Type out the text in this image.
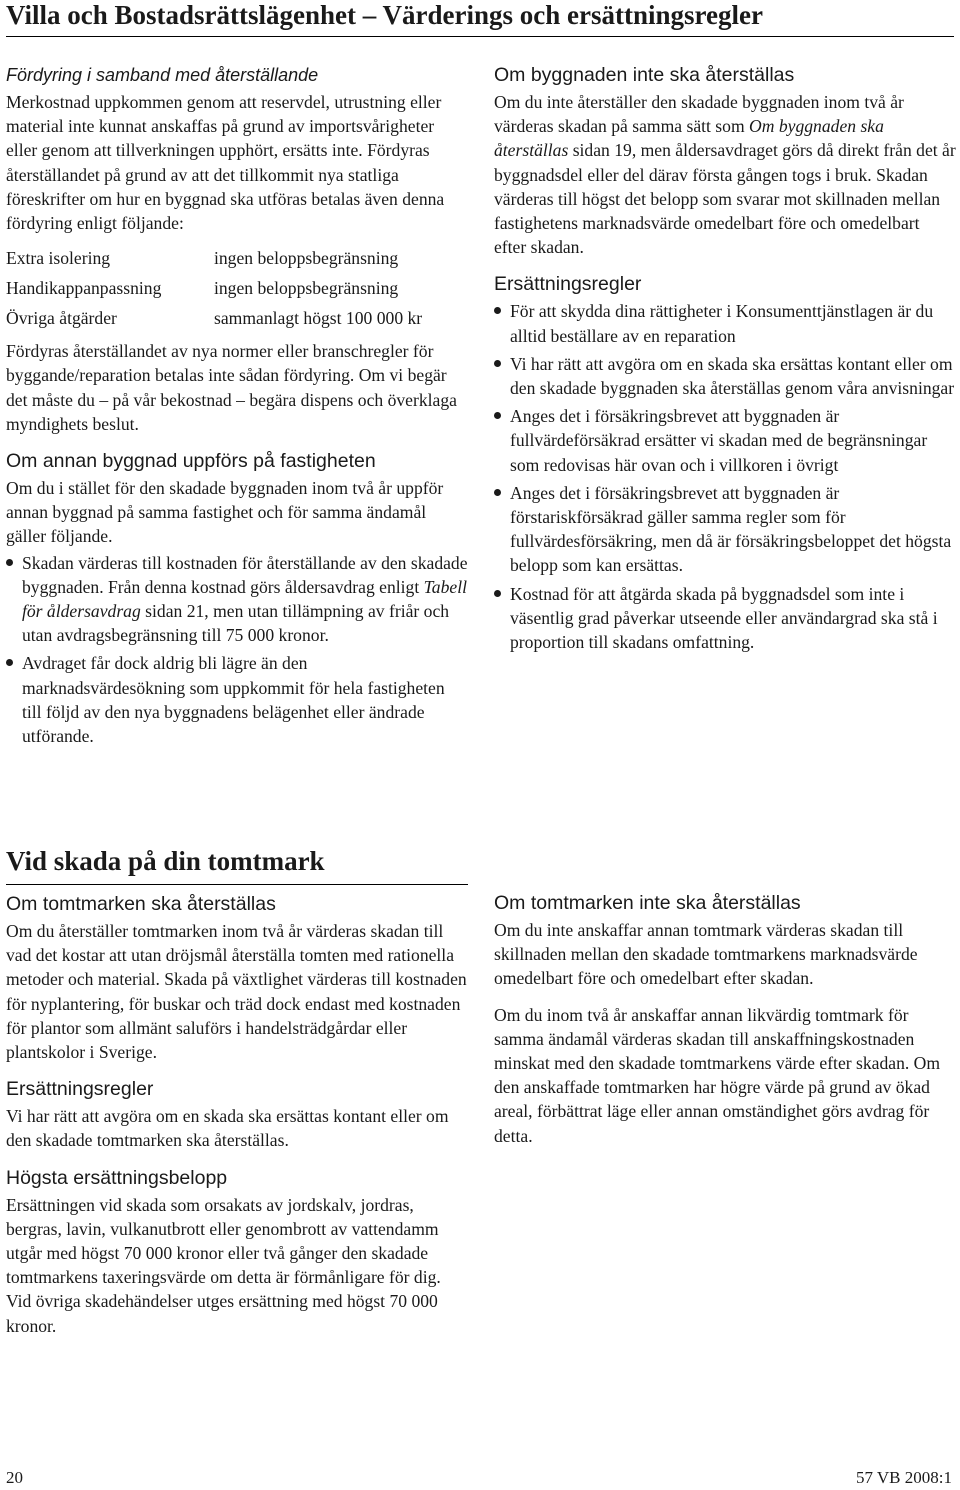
Villa och Bostadsrättslägenhet – Värderings och ersättningsregler
Fördyring i samband med återställande

Merkostnad uppkommen genom att reservdel, utrustning eller material inte kunnat anskaffas på grund av importsvårigheter eller genom att tillverkningen upphört, ersätts inte. Fördyras återställandet på grund av att det tillkommit nya statliga föreskrifter om hur en byggnad ska utföras betalas även denna fördyring enligt följande:

Extra isolering	ingen beloppsbegränsning
Handikappanpassning	ingen beloppsbegränsning
Övriga åtgärder	sammanlagt högst 100 000 kr

Fördyras återställandet av nya normer eller branschregler för byggande/reparation betalas inte sådan fördyring. Om vi begär det måste du – på vår bekostnad – begära dispens och överklaga myndighets beslut.

Om annan byggnad uppförs på fastigheten

Om du i stället för den skadade byggnaden inom två år uppför annan byggnad på samma fastighet och för samma ändamål gäller följande.

Skadan värderas till kostnaden för återställande av den skadade byggnaden. Från denna kostnad görs åldersavdrag enligt Tabell för åldersavdrag sidan 21, men utan tillämpning av friår och utan avdragsbegränsning till 75 000 kronor.
Avdraget får dock aldrig bli lägre än den marknadsvärdesökning som uppkommit för hela fastigheten till följd av den nya byggnadens belägenhet eller ändrade utförande.
Om byggnaden inte ska återställas

Om du inte återställer den skadade byggnaden inom två år värderas skadan på samma sätt som Om byggnaden ska återställas sidan 19, men åldersavdraget görs då direkt från det år byggnadsdel eller del därav första gången togs i bruk. Skadan värderas till högst det belopp som svarar mot skillnaden mellan fastighetens marknadsvärde omedelbart före och omedelbart efter skadan.

Ersättningsregler
För att skydda dina rättigheter i Konsumenttjänstlagen är du alltid beställare av en reparation
Vi har rätt att avgöra om en skada ska ersättas kontant eller om den skadade byggnaden ska återställas genom våra anvisningar
Anges det i försäkringsbrevet att byggnaden är fullvärdeförsäkrad ersätter vi skadan med de begränsningar som redovisas här ovan och i villkoren i övrigt
Anges det i försäkringsbrevet att byggnaden är förstariskförsäkrad gäller samma regler som för fullvärdesförsäkring, men då är försäkringsbeloppet det högsta belopp som kan ersättas.
Kostnad för att åtgärda skada på byggnadsdel som inte i väsentlig grad påverkar utseende eller användargrad ska stå i proportion till skadans omfattning.
Vid skada på din tomtmark
Om tomtmarken ska återställas

Om du återställer tomtmarken inom två år värderas skadan till vad det kostar att utan dröjsmål återställa tomten med rationella metoder och material. Skada på växtlighet värderas till kostnaden för nyplantering, för buskar och träd dock endast med kostnaden för plantor som allmänt saluförs i handelsträdgårdar eller plantskolor i Sverige.

Ersättningsregler

Vi har rätt att avgöra om en skada ska ersättas kontant eller om den skadade tomtmarken ska återställas.

Högsta ersättningsbelopp

Ersättningen vid skada som orsakats av jordskalv, jordras, bergras, lavin, vulkanutbrott eller genombrott av vattendamm utgår med högst 70 000 kronor eller två gånger den skadade tomtmarkens taxeringsvärde om detta är förmånligare för dig. Vid övriga skadehändelser utges ersättning med högst 70 000 kronor.

Om tomtmarken inte ska återställas

Om du inte anskaffar annan tomtmark värderas skadan till skillnaden mellan den skadade tomtmarkens marknadsvärde omedelbart före och omedelbart efter skadan.

Om du inom två år anskaffar annan likvärdig tomtmark för samma ändamål värderas skadan till anskaffningskostnaden minskat med den skadade tomtmarkens värde efter skadan. Om den anskaffade tomtmarken har högre värde på grund av ökad areal, förbättrat läge eller annan omständighet görs avdrag för detta.

20	57 VB 2008:1
